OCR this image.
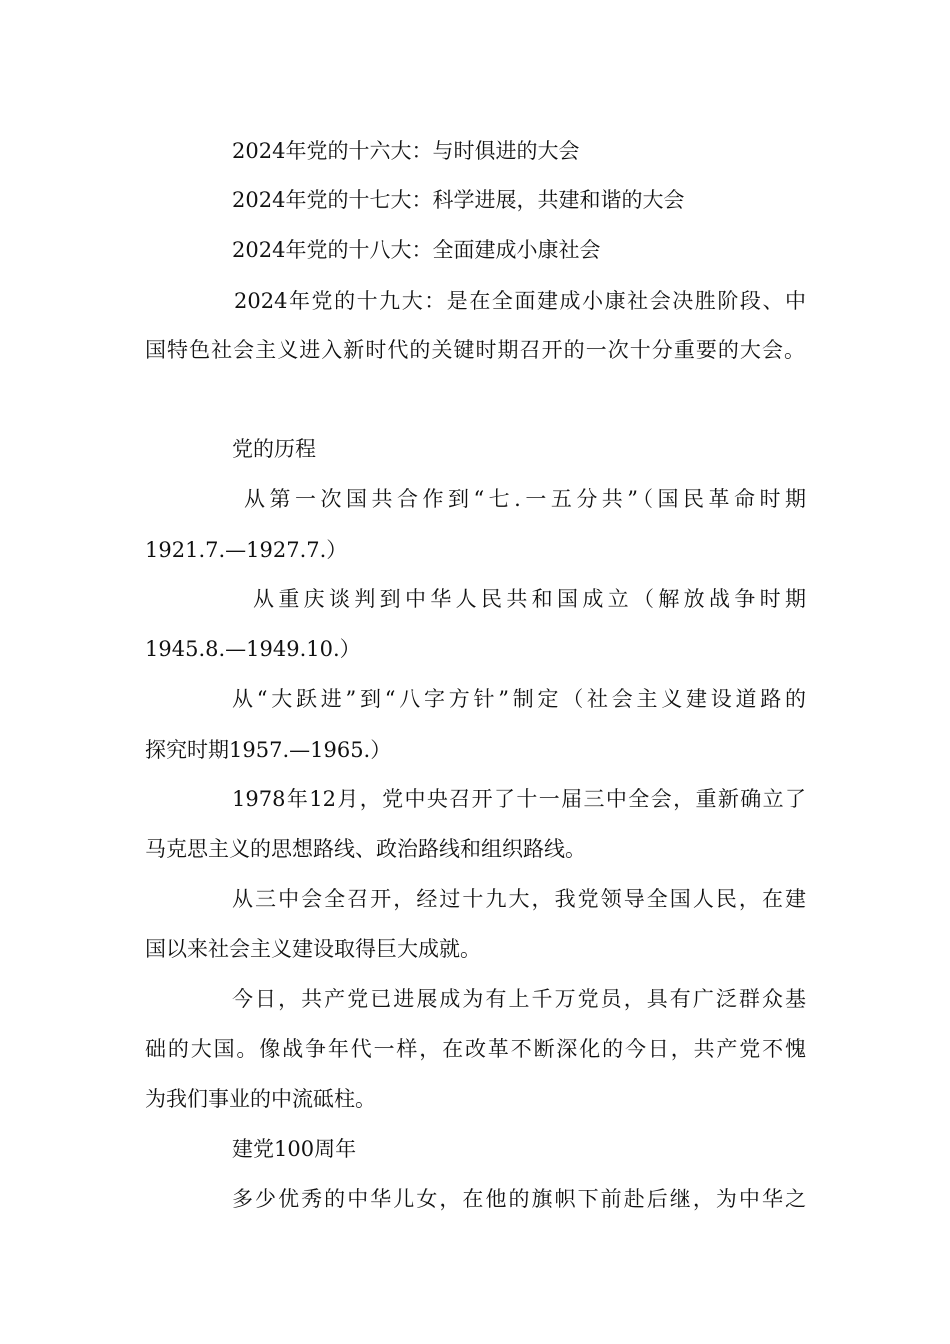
2024年党的十六大：与时俱进的大会
2024年党的十七大：科学进展，共建和谐的大会
2024年党的十八大：全面建成小康社会
2024年党的十九大：是在全面建成小康社会决胜阶段、中
国特色社会主义进入新时代的关键时期召开的一次十分重要的大会。
党的历程
从第一次国共合作到“七.一五分共”（国民革命时期
1921.7.—1927.7.）
从重庆谈判到中华人民共和国成立（解放战争时期
1945.8.—1949.10.）
从“大跃进”到“八字方针”制定（社会主义建设道路的
探究时期1957.—1965.）
1978年12月，党中央召开了十一届三中全会，重新确立了
马克思主义的思想路线、政治路线和组织路线。
从三中会全召开，经过十九大，我党领导全国人民，在建
国以来社会主义建设取得巨大成就。
今日，共产党已进展成为有上千万党员，具有广泛群众基
础的大国。像战争年代一样，在改革不断深化的今日，共产党不愧
为我们事业的中流砥柱。
建党100周年
多少优秀的中华儿女，在他的旗帜下前赴后继，为中华之
